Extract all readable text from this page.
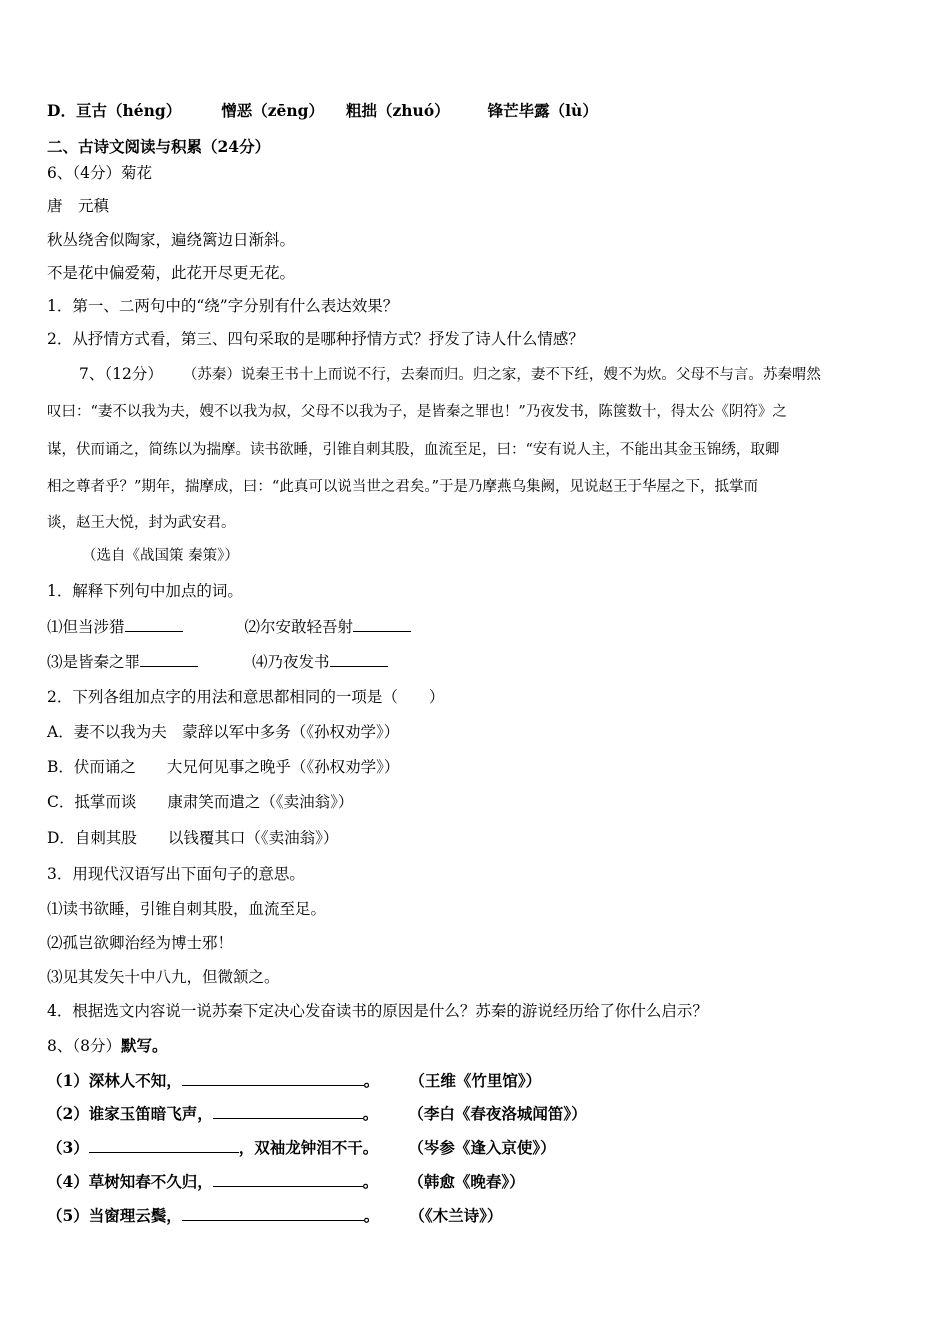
D．亘古（héng）	憎恶（zēng） 粗拙（zhuó） 锋芒毕露（lù）
二、古诗文阅读与积累（24分）
6、（4分）菊花
唐　元稹
秋丛绕舍似陶家，遍绕篱边日渐斜。
不是花中偏爱菊，此花开尽更无花。
1．第一、二两句中的“绕”字分别有什么表达效果？
2．从抒情方式看，第三、四句采取的是哪种抒情方式？抒发了诗人什么情感？
7、（12分） （苏秦）说秦王书十上而说不行，去秦而归。归之家，妻不下纴，嫂不为炊。父母不与言。苏秦喟然
叹曰：“妻不以我为夫，嫂不以我为叔，父母不以我为子，是皆秦之罪也！”乃夜发书，陈箧数十，得太公《阴符》之
谋，伏而诵之，简练以为揣摩。读书欲睡，引锥自刺其股，血流至足，曰：“安有说人主，不能出其金玉锦绣，取卿
相之尊者乎？”期年，揣摩成，曰：“此真可以说当世之君矣。”于是乃摩燕乌集阙，见说赵王于华屋之下，抵掌而
谈，赵王大悦，封为武安君。
（选自《战国策 秦策》）
1．解释下列句中加点的词。
⑴但当涉猎	⑵尔安敢轻吾射
⑶是皆秦之罪	⑷乃夜发书
2．下列各组加点字的用法和意思都相同的一项是（　　）
A．妻不以我为夫　蒙辞以军中多务（《孙权劝学》）
B．伏而诵之　　大兄何见事之晚乎（《孙权劝学》）
C．抵掌而谈　　康肃笑而遣之（《卖油翁》）
D．自刺其股　　以钱覆其口（《卖油翁》）
3．用现代汉语写出下面句子的意思。
⑴读书欲睡，引锥自刺其股，血流至足。
⑵孤岂欲卿治经为博士邪！
⑶见其发矢十中八九，但微颔之。
4．根据选文内容说一说苏秦下定决心发奋读书的原因是什么？苏秦的游说经历给了你什么启示？
8、（8分）默写。
（1）深林人不知，	。 （王维《竹里馆》）
（2）谁家玉笛暗飞声，	。 （李白《春夜洛城闻笛》）
（3）	，双袖龙钟泪不干。 （岑参《逢入京使》）
（4）草树知春不久归，	。 （韩愈《晚春》）
（5）当窗理云鬓，	。 （《木兰诗》）
